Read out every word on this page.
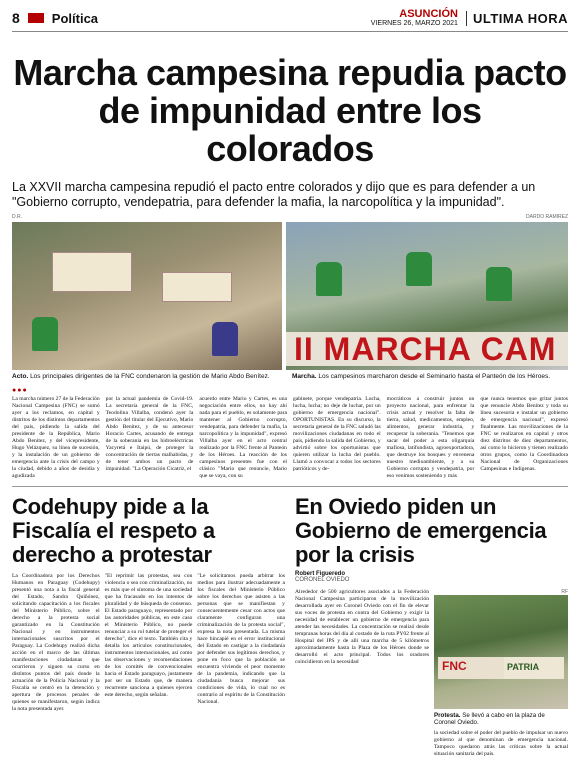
8 Política	ASUNCIÓN
VIERNES 26, MARZO 2021	ULTIMA HORA
Marcha campesina repudia pacto de impunidad entre los colorados

La XXVII marcha campesina repudió el pacto entre colorados y dijo que es para defender a un "Gobierno corrupto, vendepatria, para defender la mafia, la narcopolítica y la impunidad".

D.R.	DARDO RAMIREZ
II MARCHA CAM
Acto. Los principales dirigentes de la FNC condenaron la gestión de Mario Abdo Benítez.	Marcha. Los campesinos marcharon desde el Seminario hasta el Panteón de los Héroes.
●●●
La marcha número 27 de la Federación Nacional Campesina (FNC) se sumó ayer a los reclamos, en capital y distritos de los distintos departamentos del país, pidiendo la salida del presidente de la República, Mario Abdo Benítez, y del vicepresidente, Hugo Velázquez, su línea de sucesión, y la instalación de un gobierno de emergencia ante la crisis del campo y la ciudad, debido a años de desidia y agudizada
por la actual pandemia de Covid-19. La secretaria general de la FNC, Teodolina Villalba, condenó ayer la gestión del titular del Ejecutivo, Mario Abdo Benítez, y de su antecesor Horacio Cartes, acusando de entrega de la soberanía en las hidroeléctricas Yacyretá e Itaipú, de proteger la concentración de tierras malhabidas, y de tener ambos un pacto de impunidad. "La Operación Cicatriz, el
acuerdo entre Mario y Cartes, es una negociación entre ellos, no hay ahí nada para el pueblo, es solamente para mantener al Gobierno corrupto, vendepatria, para defender la mafia, la narcopolítica y la impunidad", expresó Villalba ayer en el acto central realizado por la FNC frente al Panteón de los Héroes. La reacción de los campesinos presentes fue con el clásico "Mario que renuncie, Mario que se vaya, con su
gabinete, porque vendepatria. Lucha, lucha, lucha; no deje de luchar, por un gobierno de emergencia nacional". OPORTUNISTAS. En su discurso, la secretaria general de la FNC saludó las movilizaciones ciudadanas en todo el país, pidiendo la salida del Gobierno, y advirtió sobre los oportunistas que quieren utilizar la lucha del pueblo. Llamó a convocar a todos los sectores patrióticos y de-
mocráticos a construir juntos un proyecto nacional, para enfrentar la crisis actual y resolver la falta de tierra, salud, medicamentos, empleo, alimentos, generar industria, y recuperar la soberanía. "Tenemos que sacar del poder a esta oligarquía mafiosa, latifundista, agroexportadora, que destruye los bosques y envenena nuestro medioambiente, y a su Gobierno corrupto y vendepatria, por eso venimos sosteniendo y más
que nunca tenemos que gritar juntos que renuncie Abdo Benítez y toda su línea sucesoria e instalar un gobierno de emergencia nacional", expresó finalmente. Las movilizaciones de la FNC se realizaron en capital y otros diez distritos de diez departamentos, así como lo hicieron y tienen realizado otros grupos, como la Coordinadora Nacional de Organizaciones Campesinas e Indígenas.
Codehupy pide a la Fiscalía el respeto a derecho a protestar
La Coordinadora por los Derechos Humanos en Paraguay (Codehupy) presentó una nota a la fiscal general del Estado, Sandra Quiñónez, solicitando capacitación a los fiscales del Ministerio Público, sobre el derecho a la protesta social garantizado en la Constitución Nacional y en instrumentos internacionales suscritos por el Paraguay. La Codehupy realizó dicha acción en el marco de las últimas manifestaciones ciudadanas que ocurrieron y siguen su curso en distintos puntos del país donde la actuación de la Policía Nacional y la Fiscalía se centró en la detención y apertura de procesos penales de quienes se manifestaron, según indica la nota presentada ayer.
"El reprimir las protestas, sea con violencia o sea con criminalización, no es más que el síntoma de una sociedad que ha fracasado en los intentos de pluralidad y de búsqueda de consenso. El Estado paraguayo, representado por las autoridades públicas, en este caso el Ministerio Público, no puede renunciar a su rol tutelar de proteger el derecho", dice el texto. También cita y detalla los artículos constitucionales, instrumentos internacionales, así como las observaciones y recomendaciones de los comités de convencionales hacia el Estado paraguayo, justamente por ser un Estado que, de manera recurrente sanciona a quienes ejercen este derecho, según señalan.
"Le solicitamos pueda arbitrar los medios para ilustrar adecuadamente a los fiscales del Ministerio Público sobre los derechos que asisten a las personas que se manifiestan y consecuentemente cesar con actos que claramente configuran una criminalización de la protesta social", expresa la nota presentada. La misma hace hincapié en el error institucional del Estado en castigar a la ciudadanía por defender sus legítimos derechos, y pone en foco que la población se encuentra viviendo el peor momento de la pandemia, indicando que la ciudadanía busca mejorar sus condiciones de vida, lo cual no es contrario al espíritu de la Constitución Nacional.
En Oviedo piden un Gobierno de emergencia por la crisis
Robert Figueredo
CORONEL OVIEDO
Alrededor de 500 agricultores asociados a la Federación Nacional Campesina participaron de la movilización desarrollada ayer en Coronel Oviedo con el fin de elevar sus voces de protesta en contra del Gobierno y exigir la necesidad de establecer un gobierno de emergencia para atender las necesidades. La concentración se realizó desde tempranas horas del día al costado de la ruta PY02 frente al Hospital del IPS y de allí una marcha de 5 kilómetros aproximadamente hasta la Plaza de los Héroes donde se desarrolló el acto principal. Todos los oradores coincidieron en la necesidad
RF
FNC	PATRIA
Protesta. Se llevó a cabo en la plaza de Coronel Oviedo.
la sociedad sobre el poder del pueblo de impulsar un nuevo gobierno al que denominan de emergencia nacional. Tampoco quedaron atrás las críticas sobre la actual situación sanitaria del país.
